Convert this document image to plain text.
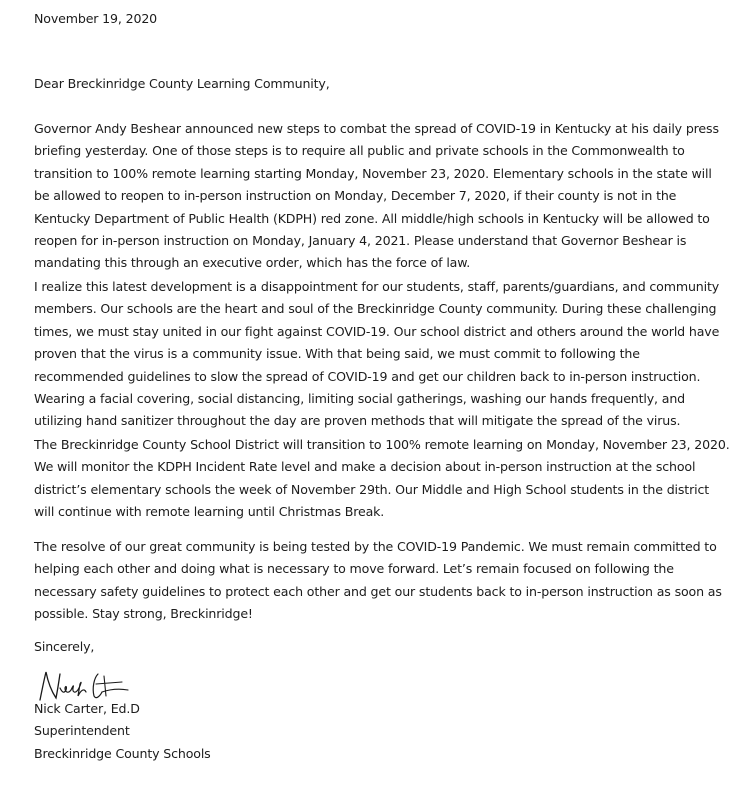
November 19, 2020

Dear Breckinridge County Learning Community,

Governor Andy Beshear announced new steps to combat the spread of COVID-19 in Kentucky at his daily press briefing yesterday. One of those steps is to require all public and private schools in the Commonwealth to transition to 100% remote learning starting Monday, November 23, 2020. Elementary schools in the state will be allowed to reopen to in-person instruction on Monday, December 7, 2020, if their county is not in the Kentucky Department of Public Health (KDPH) red zone. All middle/high schools in Kentucky will be allowed to reopen for in-person instruction on Monday, January 4, 2021. Please understand that Governor Beshear is mandating this through an executive order, which has the force of law.

I realize this latest development is a disappointment for our students, staff, parents/guardians, and community members. Our schools are the heart and soul of the Breckinridge County community. During these challenging times, we must stay united in our fight against COVID-19. Our school district and others around the world have proven that the virus is a community issue. With that being said, we must commit to following the recommended guidelines to slow the spread of COVID-19 and get our children back to in-person instruction. Wearing a facial covering, social distancing, limiting social gatherings, washing our hands frequently, and utilizing hand sanitizer throughout the day are proven methods that will mitigate the spread of the virus.

The Breckinridge County School District will transition to 100% remote learning on Monday, November 23, 2020. We will monitor the KDPH Incident Rate level and make a decision about in-person instruction at the school district’s elementary schools the week of November 29th. Our Middle and High School students in the district will continue with remote learning until Christmas Break.

The resolve of our great community is being tested by the COVID-19 Pandemic. We must remain committed to helping each other and doing what is necessary to move forward. Let’s remain focused on following the necessary safety guidelines to protect each other and get our students back to in-person instruction as soon as possible. Stay strong, Breckinridge!

Sincerely,

Nick Carter, Ed.D
Superintendent
Breckinridge County Schools
